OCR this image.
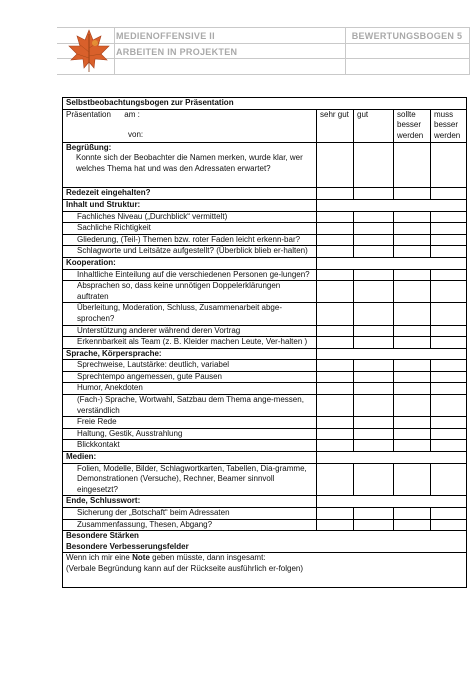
MEDIENOFFENSIVE II
ARBEITEN IN PROJEKTEN
BEWERTUNGSBOGEN 5
Selbstbeobachtungsbogen zur Präsentation				

Präsentation      am :
von:	sehr gut	gut	sollte besser werden	muss besser werden

Begrüßung:
Konnte sich der Beobachter die Namen merken, wurde klar, wer welches Thema hat und was den Adressaten erwartet?				

Redezeit eingehalten?				

Inhalt und Struktur:				

Fachliches Niveau („Durchblick“ vermittelt)				
Sachliche Richtigkeit				
Gliederung, (Teil-) Themen bzw. roter Faden leicht erkenn-bar?				
Schlagworte und Leitsätze aufgestellt? (Überblick blieb er-halten)				

Kooperation:				

Inhaltliche Einteilung auf die verschiedenen Personen ge-lungen?				
Absprachen so, dass keine unnötigen Doppelerklärungen auftraten				
Überleitung, Moderation, Schluss, Zusammenarbeit abge-sprochen?				
Unterstützung anderer während deren Vortrag				
Erkennbarkeit als Team (z. B. Kleider machen Leute, Ver-halten )				

Sprache, Körpersprache:				

Sprechweise, Lautstärke: deutlich, variabel				
Sprechtempo angemessen, gute Pausen				
Humor, Anekdoten				
(Fach-) Sprache, Wortwahl, Satzbau dem Thema ange-messen, verständlich				
Freie Rede				
Haltung, Gestik, Ausstrahlung				
Blickkontakt				

Medien:				

Folien, Modelle, Bilder, Schlagwortkarten, Tabellen, Dia-gramme, Demonstrationen (Versuche), Rechner, Beamer sinnvoll eingesetzt?				

Ende, Schlusswort:				

Sicherung der „Botschaft“ beim Adressaten				
Zusammenfassung, Thesen, Abgang?				

Besondere Stärken
Besondere Verbesserungsfelder				

Wenn ich mir eine Note geben müsste, dann insgesamt:
(Verbale Begründung kann auf der Rückseite ausführlich er-folgen)				
